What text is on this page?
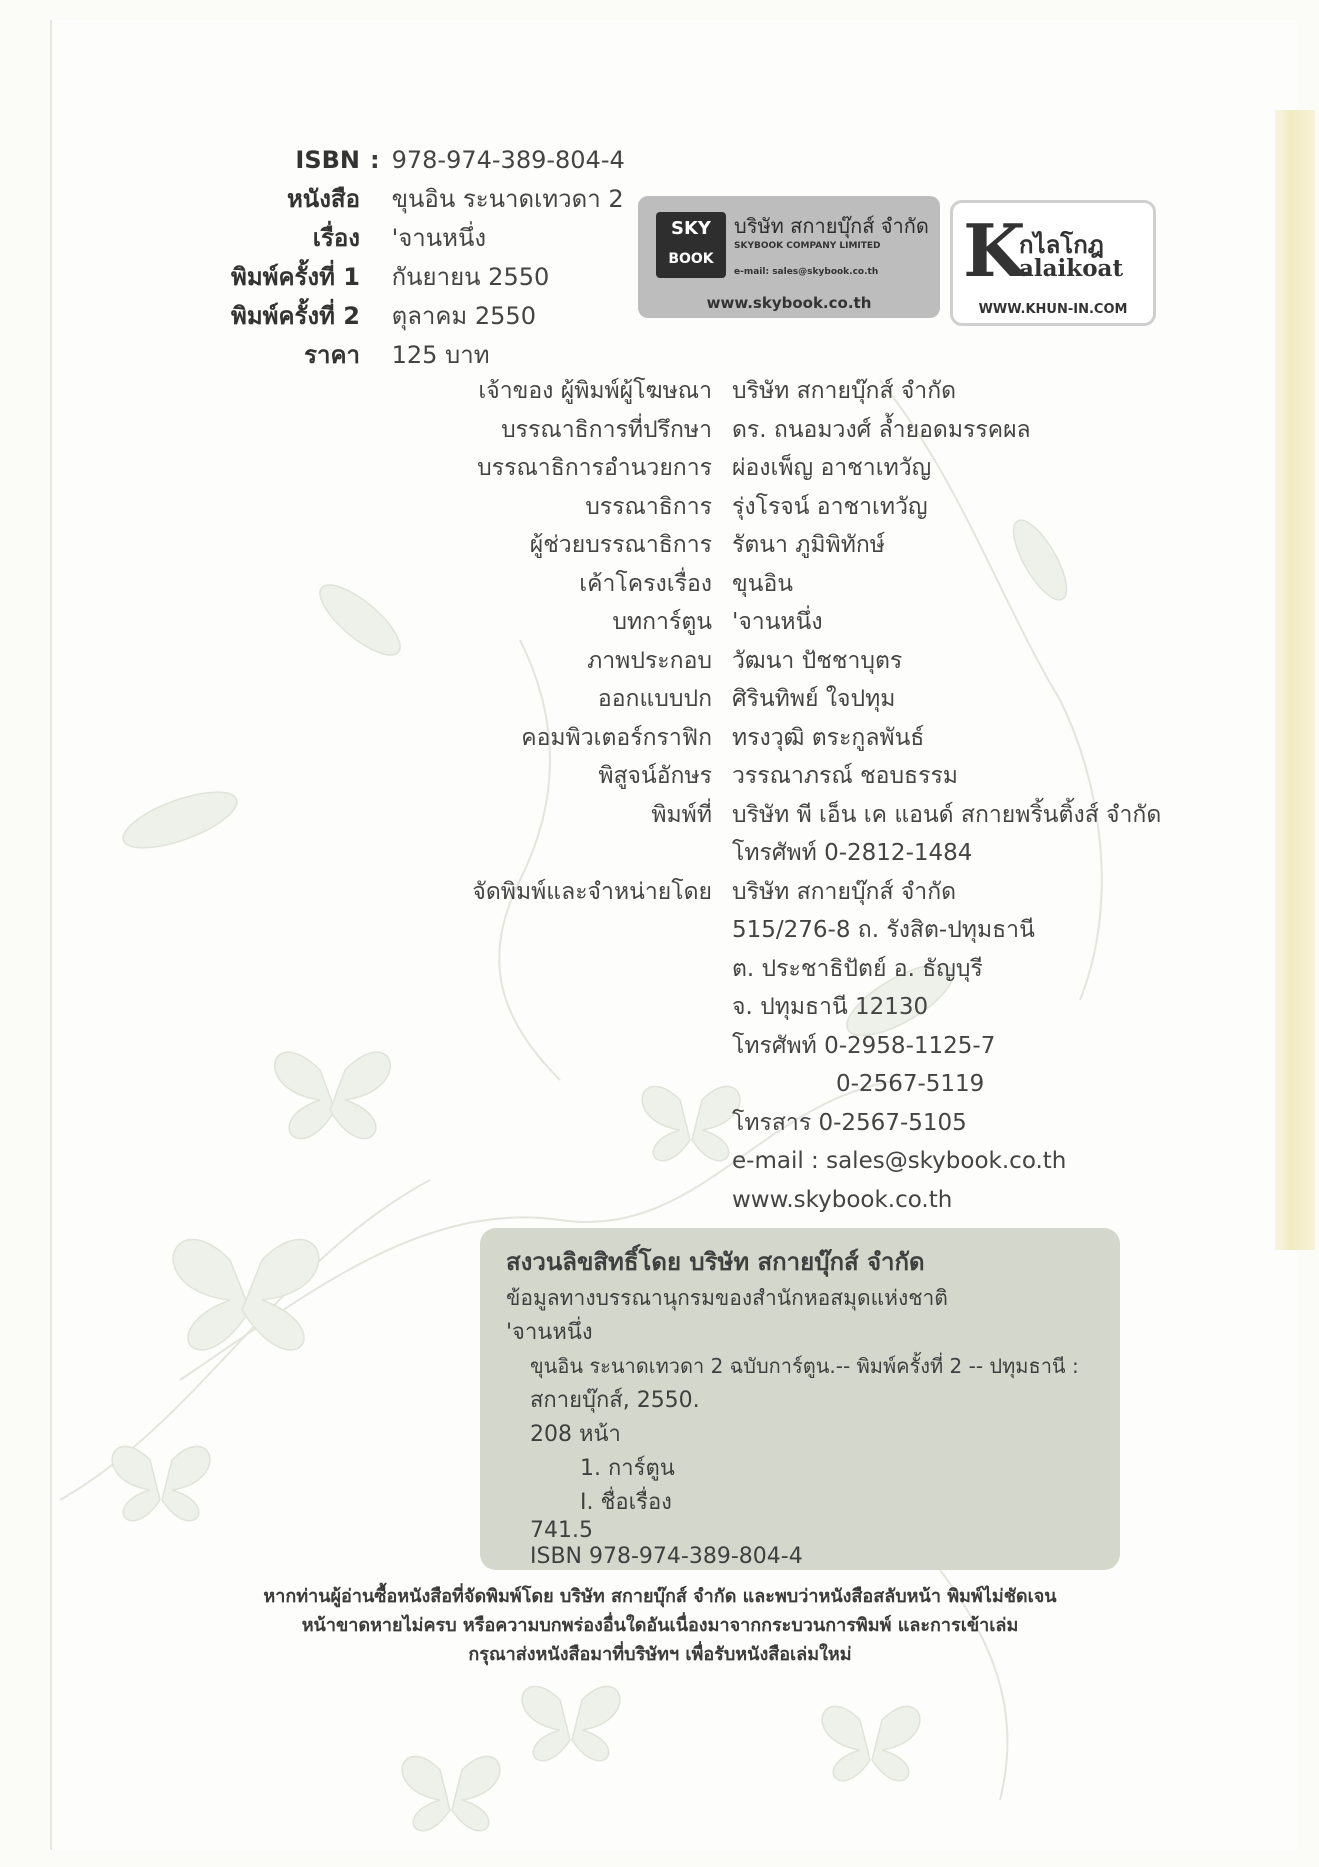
ISBN	:	978-974-389-804-4
หนังสือ		ขุนอิน ระนาดเทวดา 2
เรื่อง		'จานหนึ่ง
พิมพ์ครั้งที่ 1		กันยายน 2550
พิมพ์ครั้งที่ 2		ตุลาคม 2550
ราคา		125 บาท
SKY
BOOK
บริษัท สกายบุ๊กส์ จำกัด
SKYBOOK COMPANY LIMITED
e-mail: sales@skybook.co.th
www.skybook.co.th
K
กไลโกฎ
alaikoat
WWW.KHUN-IN.COM
เจ้าของ ผู้พิมพ์ผู้โฆษณา	บริษัท สกายบุ๊กส์ จำกัด
บรรณาธิการที่ปรึกษา	ดร. ถนอมวงศ์ ล้ำยอดมรรคผล
บรรณาธิการอำนวยการ	ผ่องเพ็ญ อาชาเทวัญ
บรรณาธิการ	รุ่งโรจน์ อาชาเทวัญ
ผู้ช่วยบรรณาธิการ	รัตนา ภูมิพิทักษ์
เค้าโครงเรื่อง	ขุนอิน
บทการ์ตูน	'จานหนึ่ง
ภาพประกอบ	วัฒนา ปัชชาบุตร
ออกแบบปก	ศิรินทิพย์ ใจปทุม
คอมพิวเตอร์กราฟิก	ทรงวุฒิ ตระกูลพันธ์
พิสูจน์อักษร	วรรณาภรณ์ ชอบธรรม
พิมพ์ที่	บริษัท พี เอ็น เค แอนด์ สกายพริ้นติ้งส์ จำกัด
	โทรศัพท์ 0-2812-1484
จัดพิมพ์และจำหน่ายโดย	บริษัท สกายบุ๊กส์ จำกัด
	515/276-8 ถ. รังสิต-ปทุมธานี
	ต. ประชาธิปัตย์ อ. ธัญบุรี
	จ. ปทุมธานี 12130
	โทรศัพท์ 0-2958-1125-7
	0-2567-5119
	โทรสาร 0-2567-5105
	e-mail : sales@skybook.co.th
	www.skybook.co.th
สงวนลิขสิทธิ์โดย บริษัท สกายบุ๊กส์ จำกัด
ข้อมูลทางบรรณานุกรมของสำนักหอสมุดแห่งชาติ
'จานหนึ่ง
ขุนอิน ระนาดเทวดา 2 ฉบับการ์ตูน.-- พิมพ์ครั้งที่ 2 -- ปทุมธานี :
สกายบุ๊กส์, 2550.
208 หน้า
1. การ์ตูน
I. ชื่อเรื่อง
741.5
ISBN 978-974-389-804-4
หากท่านผู้อ่านซื้อหนังสือที่จัดพิมพ์โดย บริษัท สกายบุ๊กส์ จำกัด และพบว่าหนังสือสลับหน้า พิมพ์ไม่ชัดเจน
หน้าขาดหายไม่ครบ หรือความบกพร่องอื่นใดอันเนื่องมาจากกระบวนการพิมพ์ และการเข้าเล่ม
กรุณาส่งหนังสือมาที่บริษัทฯ เพื่อรับหนังสือเล่มใหม่
